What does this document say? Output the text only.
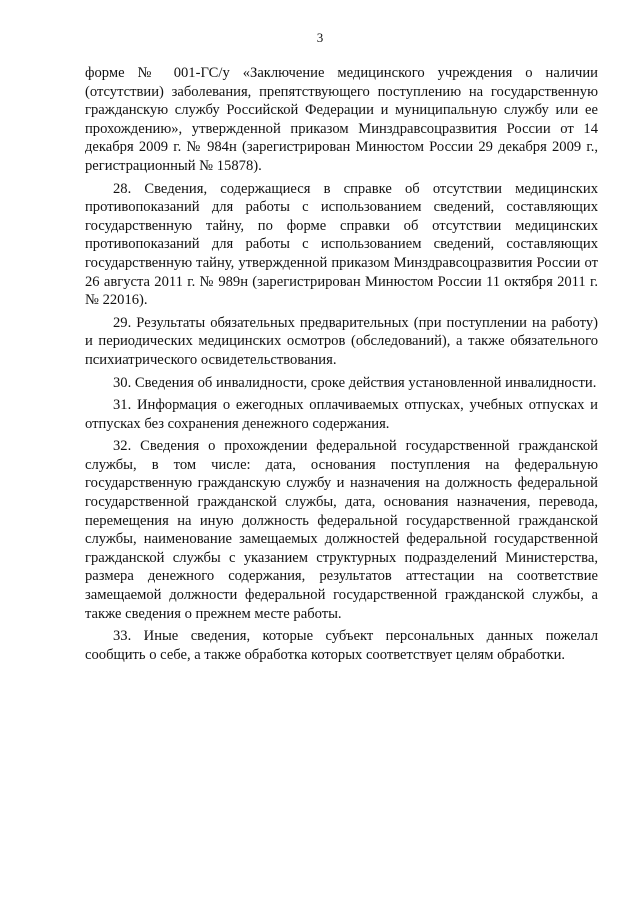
3

форме № 001-ГС/у «Заключение медицинского учреждения о наличии (отсутствии) заболевания, препятствующего поступлению на государственную гражданскую службу Российской Федерации и муниципальную службу или ее прохождению», утвержденной приказом Минздравсоцразвития России от 14 декабря 2009 г. № 984н (зарегистрирован Минюстом России 29 декабря 2009 г., регистрационный № 15878).

28. Сведения, содержащиеся в справке об отсутствии медицинских противопоказаний для работы с использованием сведений, составляющих государственную тайну, по форме справки об отсутствии медицинских противопоказаний для работы с использованием сведений, составляющих государственную тайну, утвержденной приказом Минздравсоцразвития России от 26 августа 2011 г. № 989н (зарегистрирован Минюстом России 11 октября 2011 г. № 22016).

29. Результаты обязательных предварительных (при поступлении на работу) и периодических медицинских осмотров (обследований), а также обязательного психиатрического освидетельствования.

30. Сведения об инвалидности, сроке действия установленной инвалидности.

31. Информация о ежегодных оплачиваемых отпусках, учебных отпусках и отпусках без сохранения денежного содержания.

32. Сведения о прохождении федеральной государственной гражданской службы, в том числе: дата, основания поступления на федеральную государственную гражданскую службу и назначения на должность федеральной государственной гражданской службы, дата, основания назначения, перевода, перемещения на иную должность федеральной государственной гражданской службы, наименование замещаемых должностей федеральной государственной гражданской службы с указанием структурных подразделений Министерства, размера денежного содержания, результатов аттестации на соответствие замещаемой должности федеральной государственной гражданской службы, а также сведения о прежнем месте работы.

33. Иные сведения, которые субъект персональных данных пожелал сообщить о себе, а также обработка которых соответствует целям обработки.
